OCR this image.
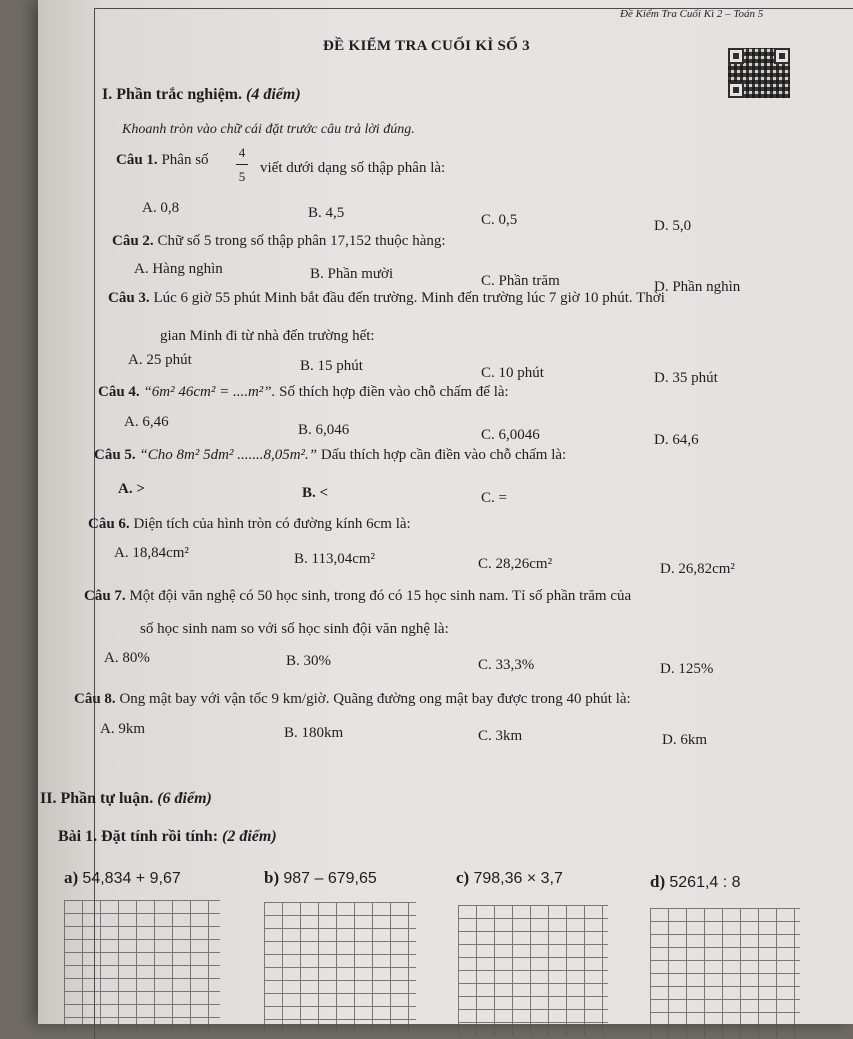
Đề Kiểm Tra Cuối Kì 2 – Toán 5
ĐỀ KIỂM TRA CUỐI KÌ SỐ 3
I. Phần trắc nghiệm. (4 điểm)
Khoanh tròn vào chữ cái đặt trước câu trả lời đúng.
Câu 1. Phân số 4
5
viết dưới dạng số thập phân là:
A. 0,8	B. 4,5	C. 0,5	D. 5,0
Câu 2. Chữ số 5 trong số thập phân 17,152 thuộc hàng:
A. Hàng nghìn	B. Phần mười	C. Phần trăm	D. Phần nghìn
Câu 3. Lúc 6 giờ 55 phút Minh bắt đầu đến trường. Minh đến trường lúc 7 giờ 10 phút. Thời
gian Minh đi từ nhà đến trường hết:
A. 25 phút	B. 15 phút	C. 10 phút	D. 35 phút
Câu 4. “6m² 46cm² = ....m²”. Số thích hợp điền vào chỗ chấm để là:
A. 6,46	B. 6,046	C. 6,0046	D. 64,6
Câu 5. “Cho 8m² 5dm² .......8,05m².” Dấu thích hợp cần điền vào chỗ chấm là:
A. >	B. <	C. =
Câu 6. Diện tích của hình tròn có đường kính 6cm là:
A. 18,84cm²	B. 113,04cm²	C. 28,26cm²	D. 26,82cm²
Câu 7. Một đội văn nghệ có 50 học sinh, trong đó có 15 học sinh nam. Tỉ số phần trăm của
số học sinh nam so với số học sinh đội văn nghệ là:
A. 80%	B. 30%	C. 33,3%	D. 125%
Câu 8. Ong mật bay với vận tốc 9 km/giờ. Quãng đường ong mật bay được trong 40 phút là:
A. 9km	B. 180km	C. 3km	D. 6km
II. Phần tự luận. (6 điểm)
Bài 1. Đặt tính rồi tính: (2 điểm)
a) 54,834 + 9,67	b) 987 – 679,65	c) 798,36 × 3,7	d) 5261,4 : 8
